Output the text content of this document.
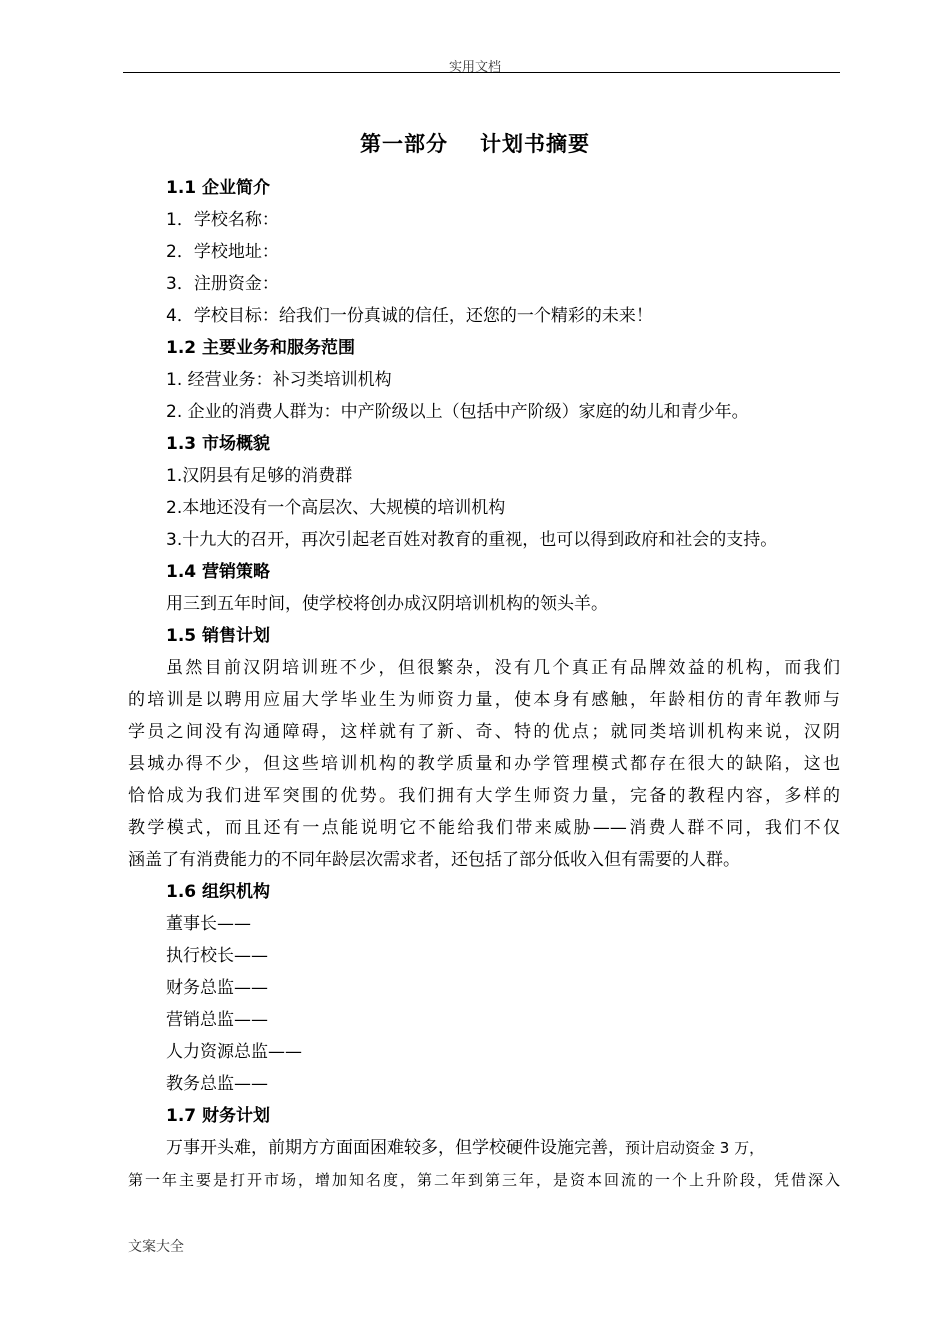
实用文档
第一部分 计划书摘要
1.1 企业简介
1．学校名称：
2．学校地址：
3．注册资金：
4．学校目标：给我们一份真诚的信任，还您的一个精彩的未来！
1.2 主要业务和服务范围
1. 经营业务：补习类培训机构
2. 企业的消费人群为：中产阶级以上（包括中产阶级）家庭的幼儿和青少年。
1.3 市场概貌
1.汉阴县有足够的消费群
2.本地还没有一个高层次、大规模的培训机构
3.十九大的召开，再次引起老百姓对教育的重视，也可以得到政府和社会的支持。
1.4 营销策略
用三到五年时间，使学校将创办成汉阴培训机构的领头羊。
1.5 销售计划
虽然目前汉阴培训班不少，但很繁杂，没有几个真正有品牌效益的机构，而我们
的培训是以聘用应届大学毕业生为师资力量，使本身有感触，年龄相仿的青年教师与
学员之间没有沟通障碍，这样就有了新、奇、特的优点；就同类培训机构来说，汉阴
县城办得不少，但这些培训机构的教学质量和办学管理模式都存在很大的缺陷，这也
恰恰成为我们进军突围的优势。我们拥有大学生师资力量，完备的教程内容，多样的
教学模式，而且还有一点能说明它不能给我们带来威胁——消费人群不同，我们不仅
涵盖了有消费能力的不同年龄层次需求者，还包括了部分低收入但有需要的人群。
1.6 组织机构
董事长——
执行校长——
财务总监——
营销总监——
人力资源总监——
教务总监——
1.7 财务计划
万事开头难，前期方方面面困难较多，但学校硬件设施完善，预计启动资金 3 万，
第一年主要是打开市场，增加知名度，第二年到第三年，是资本回流的一个上升阶段，凭借深入
文案大全
